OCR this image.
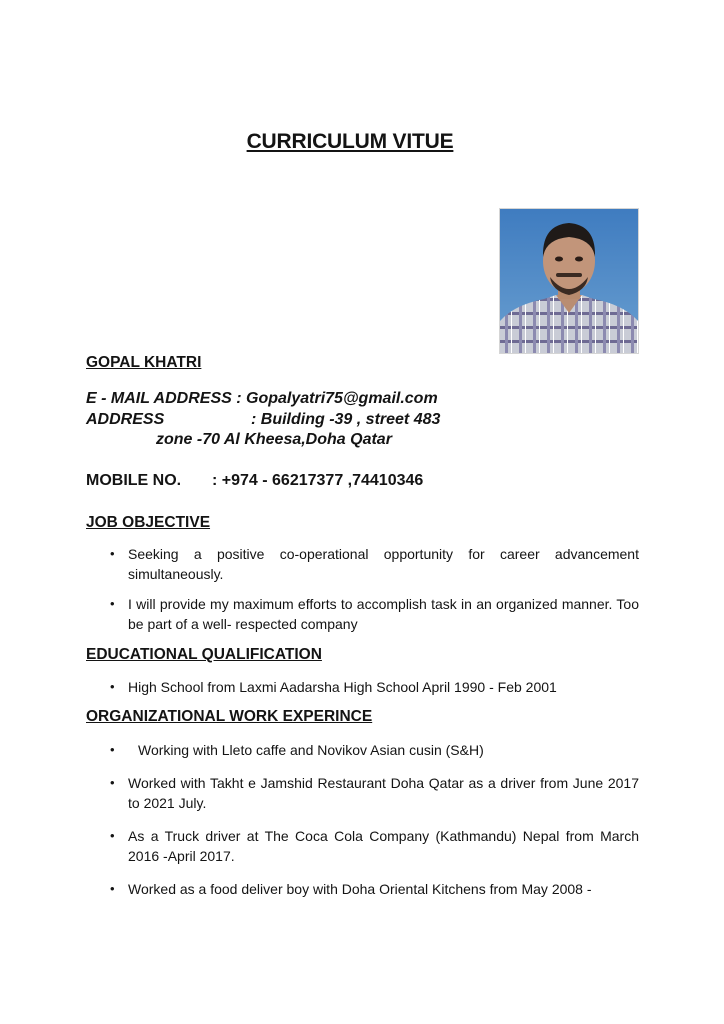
CURRICULUM VITUE
GOPAL KHATRI
E - MAIL ADDRESS : Gopalyatri75@gmail.com
ADDRESS	: Building -39 , street 483
zone -70 Al Kheesa,Doha Qatar
MOBILE NO. : +974 - 66217377 ,74410346
JOB OBJECTIVE
• Seeking a positive co-operational opportunity for career advancement simultaneously.
• I will provide my maximum efforts to accomplish task in an organized manner. Too be part of a well- respected company
EDUCATIONAL QUALIFICATION
• High School from Laxmi Aadarsha High School April 1990 - Feb 2001
ORGANIZATIONAL WORK EXPERINCE
• Working with Lleto caffe and Novikov Asian cusin (S&H)
• Worked with Takht e Jamshid Restaurant Doha Qatar as a driver from June 2017 to 2021 July.
• As a Truck driver at The Coca Cola Company (Kathmandu) Nepal from March 2016 -April 2017.
• Worked as a food deliver boy with Doha Oriental Kitchens from May 2008 -
